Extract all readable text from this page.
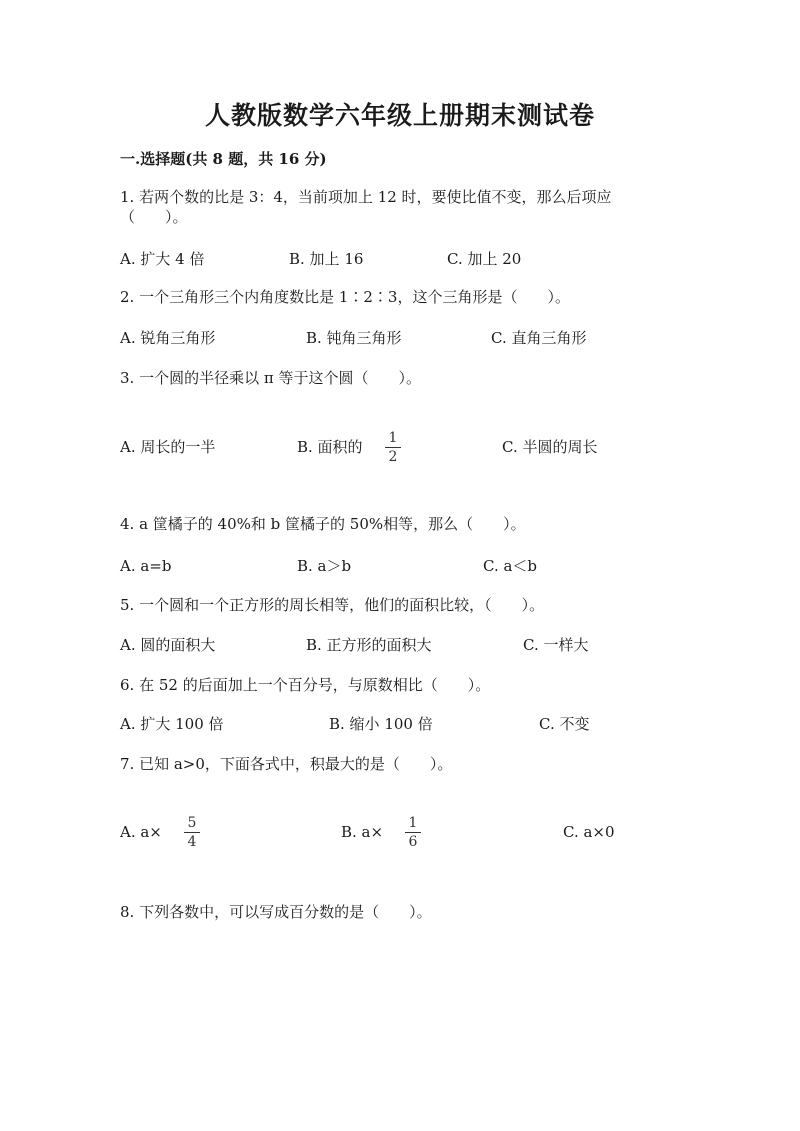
人教版数学六年级上册期末测试卷
一.选择题(共 8 题，共 16 分)
1. 若两个数的比是 3：4，当前项加上 12 时，要使比值不变，那么后项应（　　）。
A. 扩大 4 倍	B. 加上 16	C. 加上 20
2. 一个三角形三个内角度数比是 1∶2∶3，这个三角形是（　　）。
A. 锐角三角形	B. 钝角三角形	C. 直角三角形
3. 一个圆的半径乘以 π 等于这个圆（　　）。
A. 周长的一半	B. 面积的 1
2
C. 半圆的周长
4. a 筐橘子的 40%和 b 筐橘子的 50%相等，那么（　　）。
A. a=b	B. a＞b	C. a＜b
5. 一个圆和一个正方形的周长相等，他们的面积比较，（　　）。
A. 圆的面积大	B. 正方形的面积大	C. 一样大
6. 在 52 的后面加上一个百分号，与原数相比（　　）。
A. 扩大 100 倍	B. 缩小 100 倍	C. 不变
7. 已知 a>0，下面各式中，积最大的是（　　）。
A. a× 5
4
B. a× 1
6
C. a×0
8. 下列各数中，可以写成百分数的是（　　）。
